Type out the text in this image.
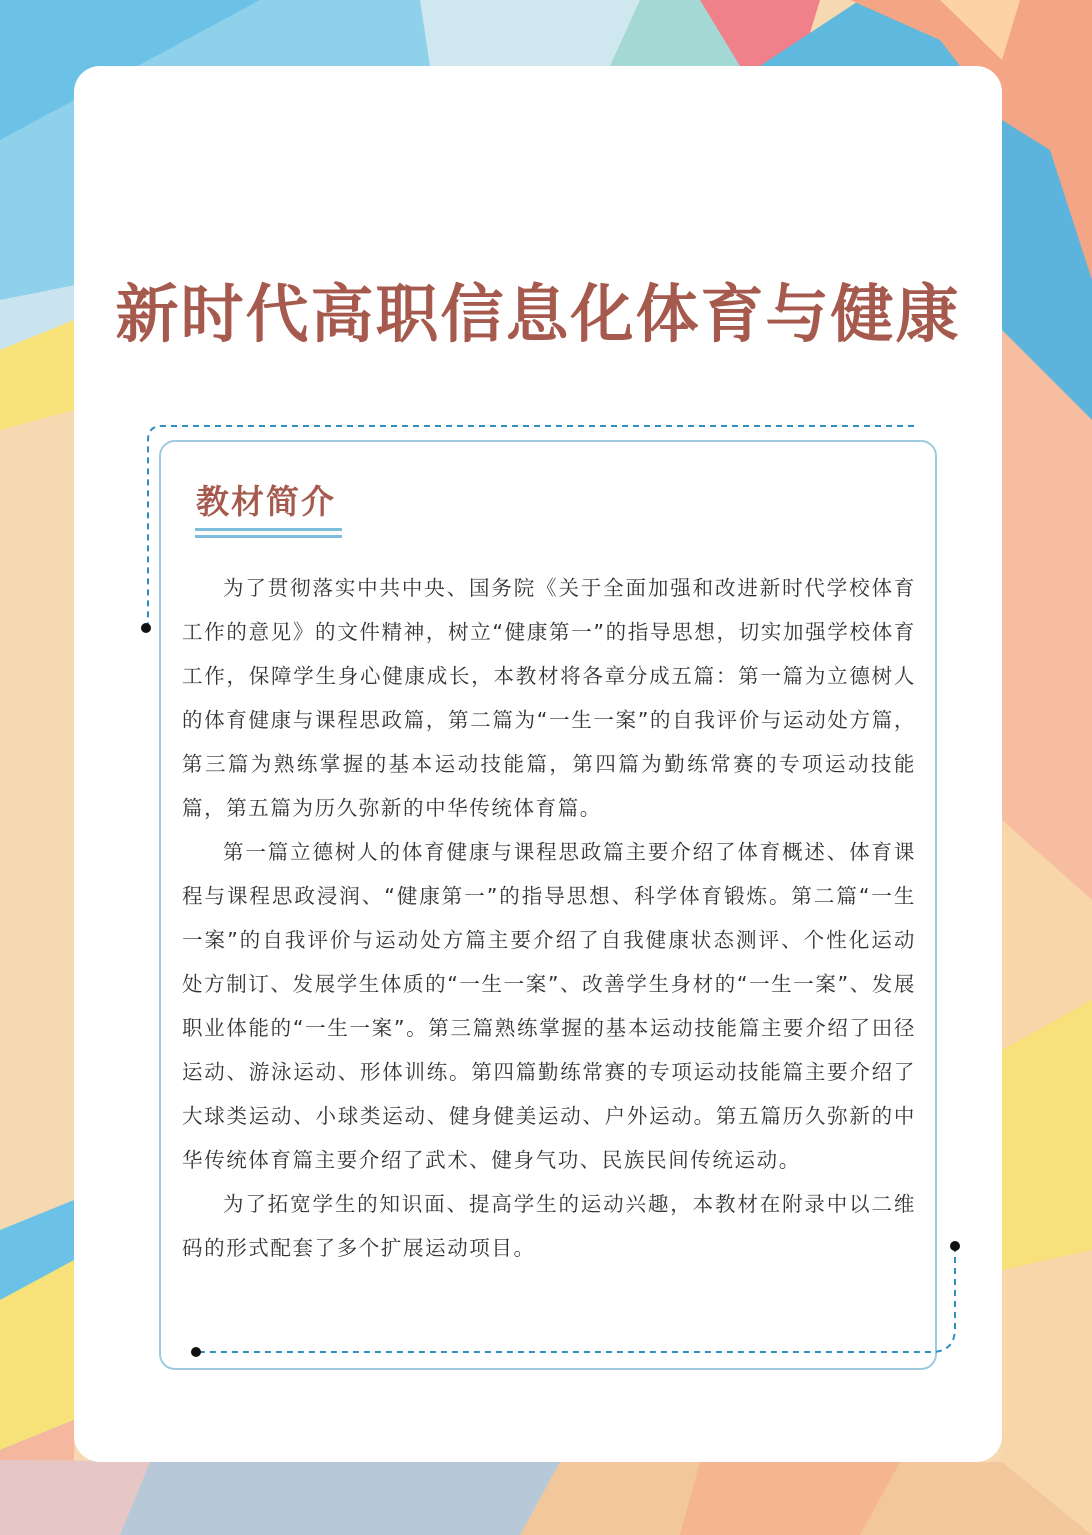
新时代高职信息化体育与健康
教材简介

为了贯彻落实中共中央、国务院《关于全面加强和改进新时代学校体育工作的意见》的文件精神，树立“健康第一”的指导思想，切实加强学校体育工作，保障学生身心健康成长，本教材将各章分成五篇：第一篇为立德树人的体育健康与课程思政篇，第二篇为“一生一案”的自我评价与运动处方篇，第三篇为熟练掌握的基本运动技能篇，第四篇为勤练常赛的专项运动技能篇，第五篇为历久弥新的中华传统体育篇。

第一篇立德树人的体育健康与课程思政篇主要介绍了体育概述、体育课程与课程思政浸润、“健康第一”的指导思想、科学体育锻炼。第二篇“一生一案”的自我评价与运动处方篇主要介绍了自我健康状态测评、个性化运动处方制订、发展学生体质的“一生一案”、改善学生身材的“一生一案”、发展职业体能的“一生一案”。第三篇熟练掌握的基本运动技能篇主要介绍了田径运动、游泳运动、形体训练。第四篇勤练常赛的专项运动技能篇主要介绍了大球类运动、小球类运动、健身健美运动、户外运动。第五篇历久弥新的中华传统体育篇主要介绍了武术、健身气功、民族民间传统运动。

为了拓宽学生的知识面、提高学生的运动兴趣，本教材在附录中以二维码的形式配套了多个扩展运动项目。
